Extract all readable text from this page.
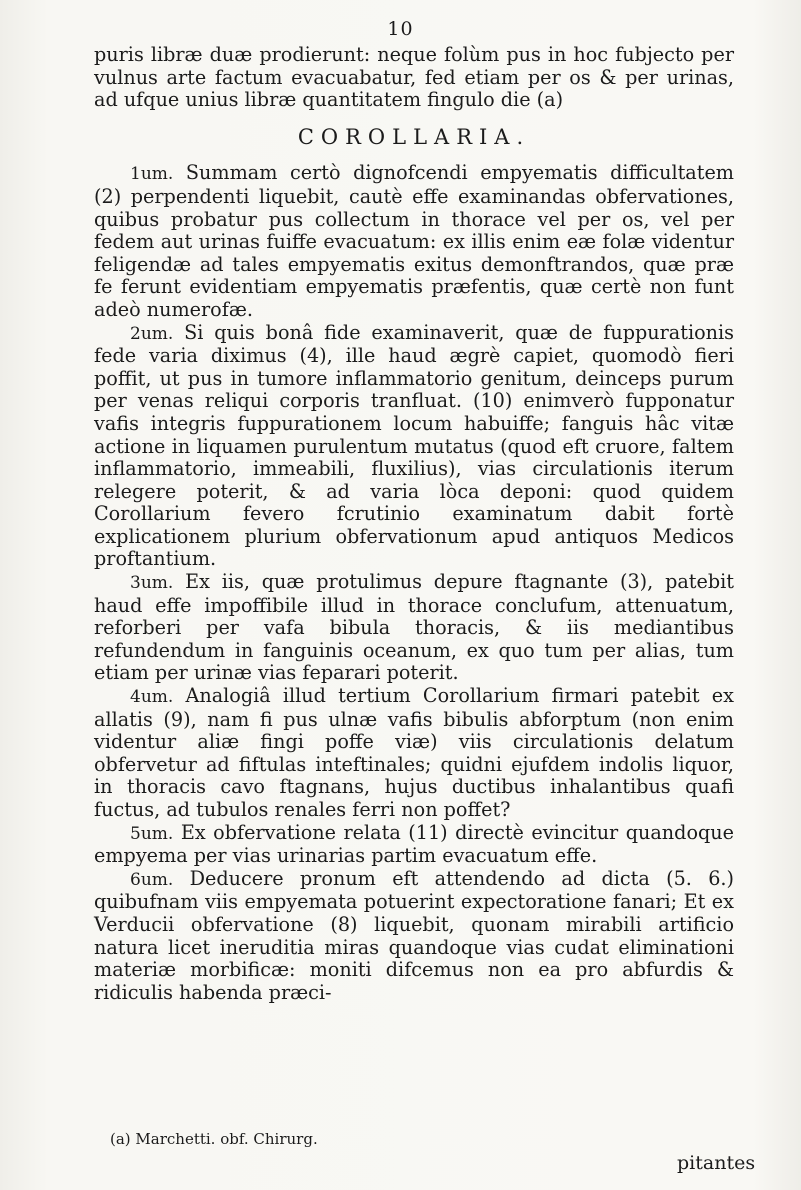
10

puris libræ duæ prodierunt: neque folùm pus in hoc fubjecto per vulnus arte factum evacuabatur, fed etiam per os & per urinas, ad ufque unius libræ quantitatem fingulo die (a)

COROLLARIA.

1um. Summam certò dignofcendi empyematis difficultatem (2) perpendenti liquebit, cautè effe examinandas obfervationes, quibus probatur pus collectum in thorace vel per os, vel per fedem aut urinas fuiffe evacuatum: ex illis enim eæ folæ videntur feligendæ ad tales empyematis exitus demonftrandos, quæ præ fe ferunt evidentiam empyematis præfentis, quæ certè non funt adeò numerofæ.

2um. Si quis bonâ fide examinaverit, quæ de fuppurationis fede varia diximus (4), ille haud ægrè capiet, quomodò fieri poffit, ut pus in tumore inflammatorio genitum, deinceps purum per venas reliqui corporis tranfluat. (10) enimverò fupponatur vafis integris fuppurationem locum habuiffe; fanguis hâc vitæ actione in liquamen purulentum mutatus (quod eft cruore, faltem inflammatorio, immeabili, fluxilius), vias circulationis iterum relegere poterit, & ad varia lòca deponi: quod quidem Corollarium fevero fcrutinio examinatum dabit fortè explicationem plurium obfervationum apud antiquos Medicos proftantium.

3um. Ex iis, quæ protulimus depure ftagnante (3), patebit haud effe impoffibile illud in thorace conclufum, attenuatum, reforberi per vafa bibula thoracis, & iis mediantibus refundendum in fanguinis oceanum, ex quo tum per alias, tum etiam per urinæ vias feparari poterit.

4um. Analogiâ illud tertium Corollarium firmari patebit ex allatis (9), nam fi pus ulnæ vafis bibulis abforptum (non enim videntur aliæ fingi poffe viæ) viis circulationis delatum obfervetur ad fiftulas inteftinales; quidni ejufdem indolis liquor, in thoracis cavo ftagnans, hujus ductibus inhalantibus quafi fuctus, ad tubulos renales ferri non poffet?

5um. Ex obfervatione relata (11) directè evincitur quandoque empyema per vias urinarias partim evacuatum effe.

6um. Deducere pronum eft attendendo ad dicta (5. 6.) quibufnam viis empyemata potuerint expectoratione fanari; Et ex Verducii obfervatione (8) liquebit, quonam mirabili artificio natura licet ineruditia miras quandoque vias cudat eliminationi materiæ morbificæ: moniti difcemus non ea pro abfurdis & ridiculis habenda præci-

(a) Marchetti. obf. Chirurg.
pitantes
